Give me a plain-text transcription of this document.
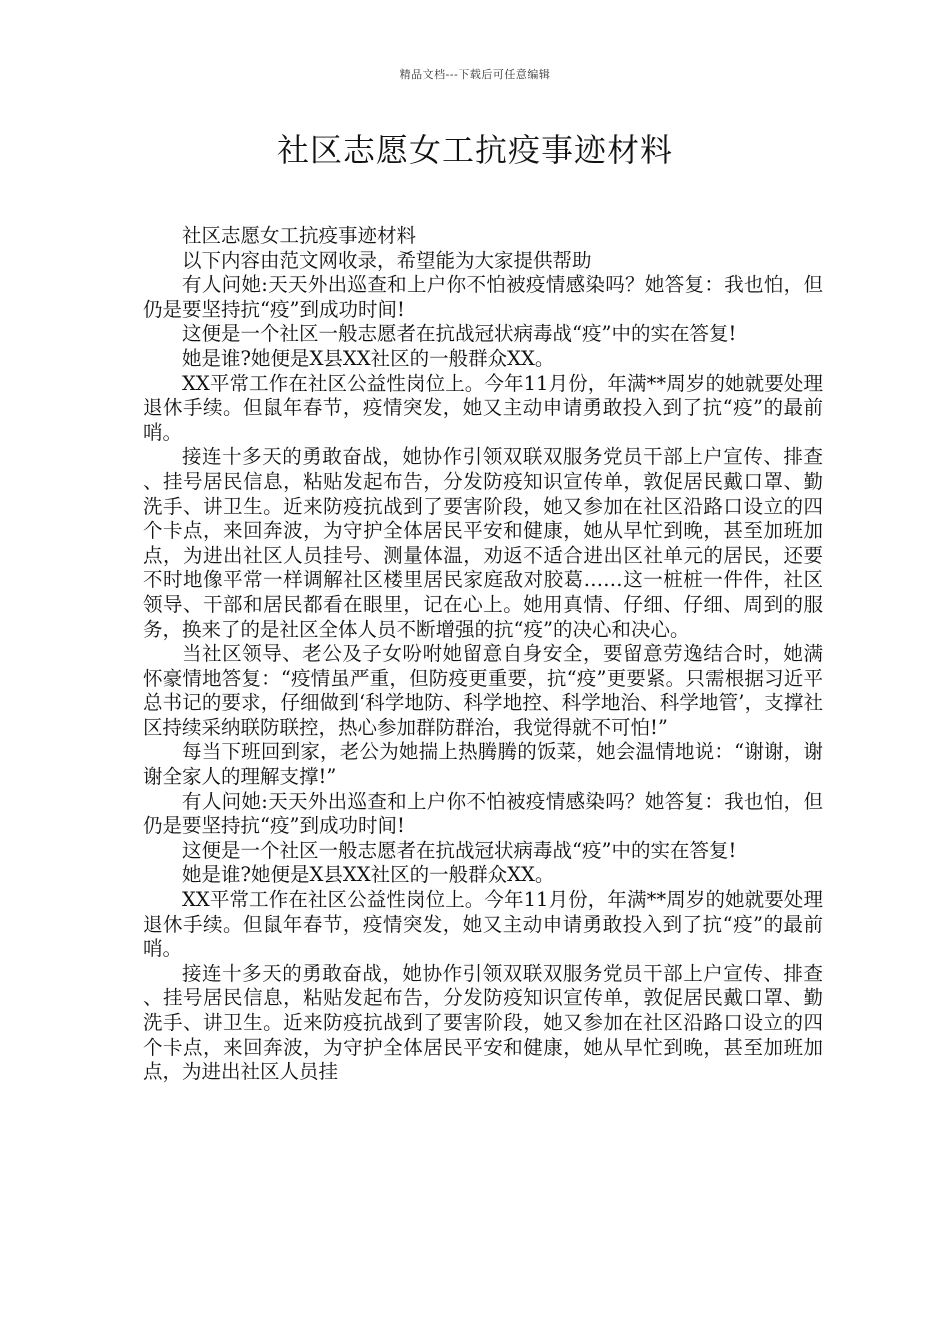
精品文档---下载后可任意编辑
社区志愿女工抗疫事迹材料

社区志愿女工抗疫事迹材料

以下内容由范文网收录，希望能为大家提供帮助

有人问她:天天外出巡查和上户你不怕被疫情感染吗？她答复：我也怕，但仍是要坚持抗“疫”到成功时间!

这便是一个社区一般志愿者在抗战冠状病毒战“疫”中的实在答复!

她是谁?她便是X县XX社区的一般群众XX。

XX平常工作在社区公益性岗位上。今年11月份，年满**周岁的她就要处理退休手续。但鼠年春节，疫情突发，她又主动申请勇敢投入到了抗“疫”的最前哨。

接连十多天的勇敢奋战，她协作引领双联双服务党员干部上户宣传、排查、挂号居民信息，粘贴发起布告，分发防疫知识宣传单，敦促居民戴口罩、勤洗手、讲卫生。近来防疫抗战到了要害阶段，她又参加在社区沿路口设立的四个卡点，来回奔波，为守护全体居民平安和健康，她从早忙到晚，甚至加班加点，为进出社区人员挂号、测量体温，劝返不适合进出区社单元的居民，还要不时地像平常一样调解社区楼里居民家庭敌对胶葛……这一桩桩一件件，社区领导、干部和居民都看在眼里，记在心上。她用真情、仔细、仔细、周到的服务，换来了的是社区全体人员不断增强的抗“疫”的决心和决心。

当社区领导、老公及子女吩咐她留意自身安全，要留意劳逸结合时，她满怀豪情地答复：“疫情虽严重，但防疫更重要，抗“疫”更要紧。只需根据习近平总书记的要求，仔细做到‘科学地防、科学地控、科学地治、科学地管’，支撑社区持续采纳联防联控，热心参加群防群治，我觉得就不可怕!”

每当下班回到家，老公为她揣上热腾腾的饭菜，她会温情地说：“谢谢，谢谢全家人的理解支撑!”

有人问她:天天外出巡查和上户你不怕被疫情感染吗？她答复：我也怕，但仍是要坚持抗“疫”到成功时间!

这便是一个社区一般志愿者在抗战冠状病毒战“疫”中的实在答复!

她是谁?她便是X县XX社区的一般群众XX。

XX平常工作在社区公益性岗位上。今年11月份，年满**周岁的她就要处理退休手续。但鼠年春节，疫情突发，她又主动申请勇敢投入到了抗“疫”的最前哨。

接连十多天的勇敢奋战，她协作引领双联双服务党员干部上户宣传、排查、挂号居民信息，粘贴发起布告，分发防疫知识宣传单，敦促居民戴口罩、勤洗手、讲卫生。近来防疫抗战到了要害阶段，她又参加在社区沿路口设立的四个卡点，来回奔波，为守护全体居民平安和健康，她从早忙到晚，甚至加班加点，为进出社区人员挂
